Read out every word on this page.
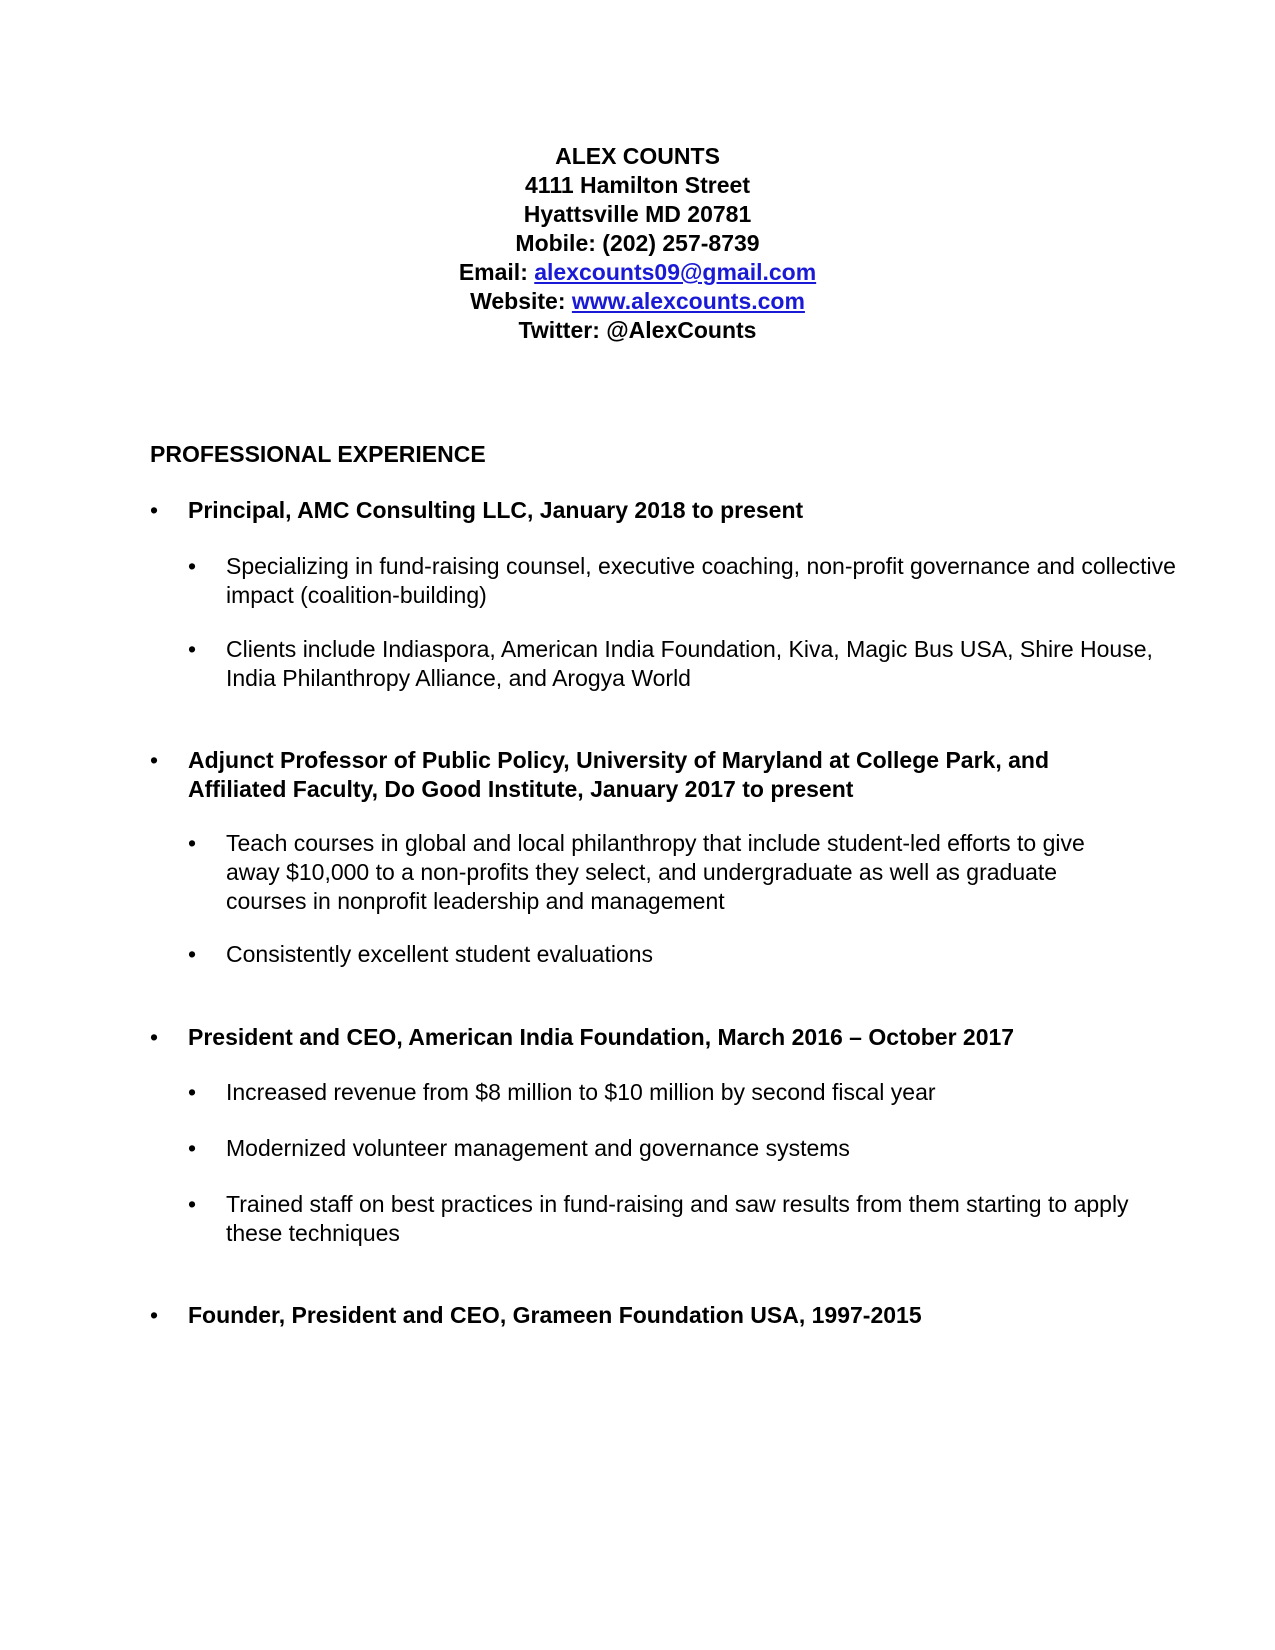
ALEX COUNTS
4111 Hamilton Street
Hyattsville MD 20781
Mobile: (202) 257-8739
Email: alexcounts09@gmail.com
Website: www.alexcounts.com
Twitter: @AlexCounts
PROFESSIONAL EXPERIENCE
• Principal, AMC Consulting LLC, January 2018 to present
• Specializing in fund-raising counsel, executive coaching, non-profit governance and collective impact (coalition-building)
• Clients include Indiaspora, American India Foundation, Kiva, Magic Bus USA, Shire House, India Philanthropy Alliance, and Arogya World
• Adjunct Professor of Public Policy, University of Maryland at College Park, and Affiliated Faculty, Do Good Institute, January 2017 to present
• Teach courses in global and local philanthropy that include student-led efforts to give away $10,000 to a non-profits they select, and undergraduate as well as graduate courses in nonprofit leadership and management
• Consistently excellent student evaluations
• President and CEO, American India Foundation, March 2016 – October 2017
• Increased revenue from $8 million to $10 million by second fiscal year
• Modernized volunteer management and governance systems
• Trained staff on best practices in fund-raising and saw results from them starting to apply these techniques
• Founder, President and CEO, Grameen Foundation USA, 1997-2015
